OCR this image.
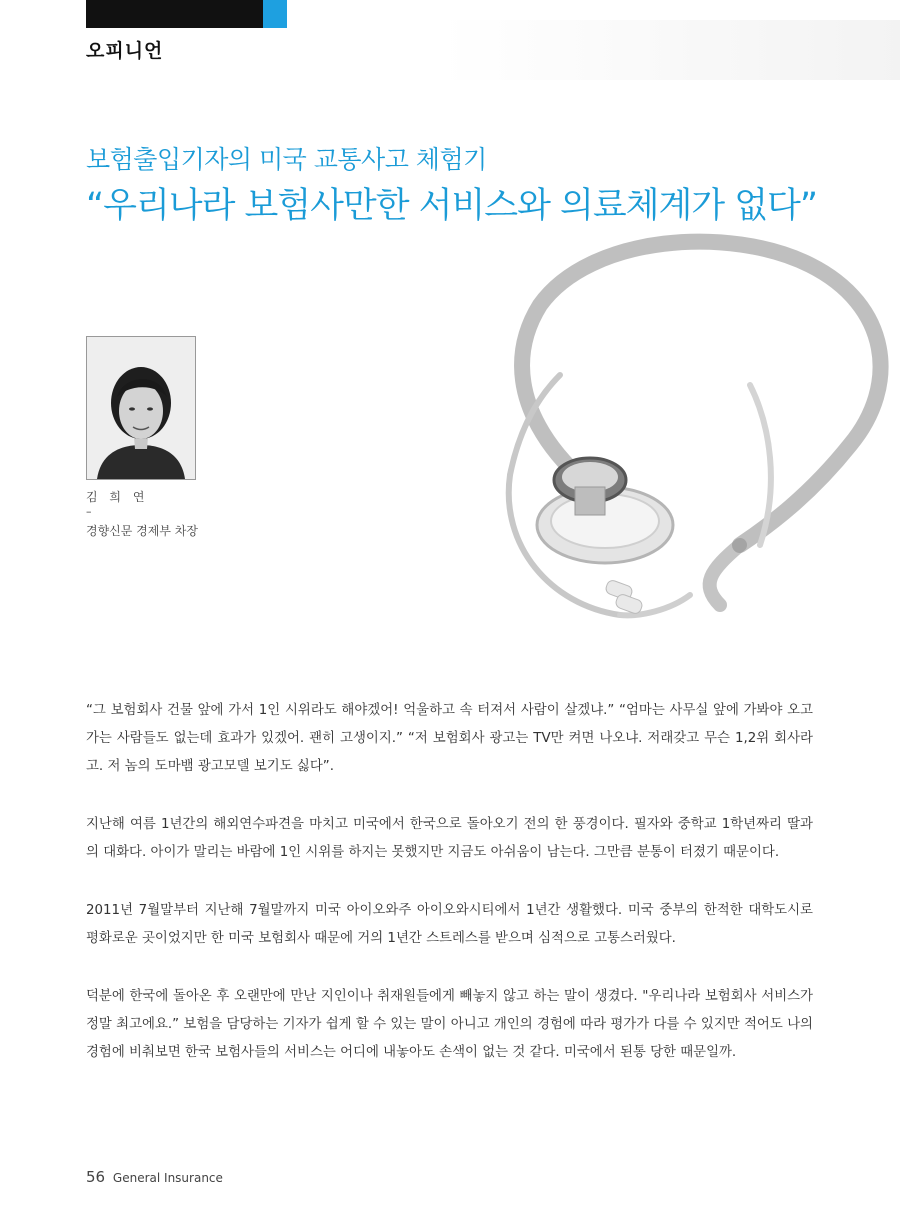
오피니언
보험출입기자의 미국 교통사고 체험기
“우리나라 보험사만한 서비스와 의료체계가 없다”
김 희 연
–
경향신문 경제부 차장

“그 보험회사 건물 앞에 가서 1인 시위라도 해야겠어! 억울하고 속 터져서 사람이 살겠냐.” “엄마는 사무실 앞에 가봐야 오고가는 사람들도 없는데 효과가 있겠어. 괜히 고생이지.” “저 보험회사 광고는 TV만 켜면 나오냐. 저래갖고 무슨 1,2위 회사라고. 저 놈의 도마뱀 광고모델 보기도 싫다”.

지난해 여름 1년간의 해외연수파견을 마치고 미국에서 한국으로 돌아오기 전의 한 풍경이다. 필자와 중학교 1학년짜리 딸과의 대화다. 아이가 말리는 바람에 1인 시위를 하지는 못했지만 지금도 아쉬움이 남는다. 그만큼 분통이 터졌기 때문이다.

2011년 7월말부터 지난해 7월말까지 미국 아이오와주 아이오와시티에서 1년간 생활했다. 미국 중부의 한적한 대학도시로 평화로운 곳이었지만 한 미국 보험회사 때문에 거의 1년간 스트레스를 받으며 심적으로 고통스러웠다.

덕분에 한국에 돌아온 후 오랜만에 만난 지인이나 취재원들에게 빼놓지 않고 하는 말이 생겼다. "우리나라 보험회사 서비스가 정말 최고에요.” 보험을 담당하는 기자가 쉽게 할 수 있는 말이 아니고 개인의 경험에 따라 평가가 다를 수 있지만 적어도 나의 경험에 비춰보면 한국 보험사들의 서비스는 어디에 내놓아도 손색이 없는 것 같다. 미국에서 된통 당한 때문일까.

56 General Insurance
